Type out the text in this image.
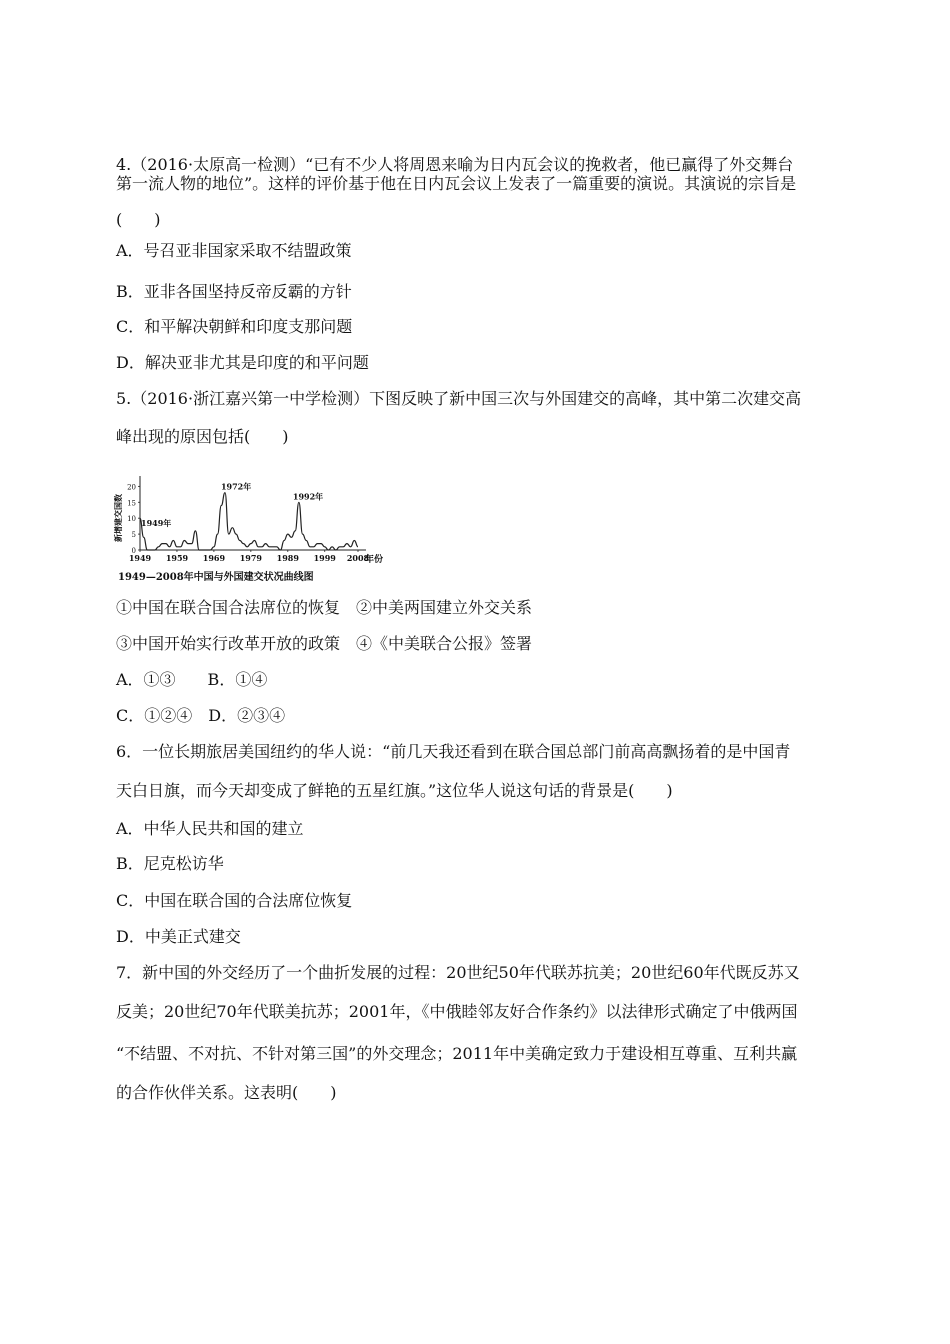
4.（2016·太原高一检测）“已有不少人将周恩来喻为日内瓦会议的挽救者，他已赢得了外交舞台
第一流人物的地位”。这样的评价基于他在日内瓦会议上发表了一篇重要的演说。其演说的宗旨是
(　　)
A．号召亚非国家采取不结盟政策
B．亚非各国坚持反帝反霸的方针
C．和平解决朝鲜和印度支那问题
D．解决亚非尤其是印度的和平问题
5.（2016·浙江嘉兴第一中学检测）下图反映了新中国三次与外国建交的高峰，其中第二次建交高
峰出现的原因包括(　　)
0
5
10
15
20
1949 1959 1969 1979 1989 1999 2008
1949年
1972年
1992年
1949—2008年中国与外国建交状况曲线图
年份
新增建交国数
①中国在联合国合法席位的恢复　②中美两国建立外交关系
③中国开始实行改革开放的政策　④《中美联合公报》签署
A．①③　　B．①④
C．①②④　D．②③④
6．一位长期旅居美国纽约的华人说：“前几天我还看到在联合国总部门前高高飘扬着的是中国青
天白日旗，而今天却变成了鲜艳的五星红旗。”这位华人说这句话的背景是(　　)
A．中华人民共和国的建立
B．尼克松访华
C．中国在联合国的合法席位恢复
D．中美正式建交
7．新中国的外交经历了一个曲折发展的过程：20世纪50年代联苏抗美；20世纪60年代既反苏又
反美；20世纪70年代联美抗苏；2001年，《中俄睦邻友好合作条约》以法律形式确定了中俄两国
“不结盟、不对抗、不针对第三国”的外交理念；2011年中美确定致力于建设相互尊重、互利共赢
的合作伙伴关系。这表明(　　)
